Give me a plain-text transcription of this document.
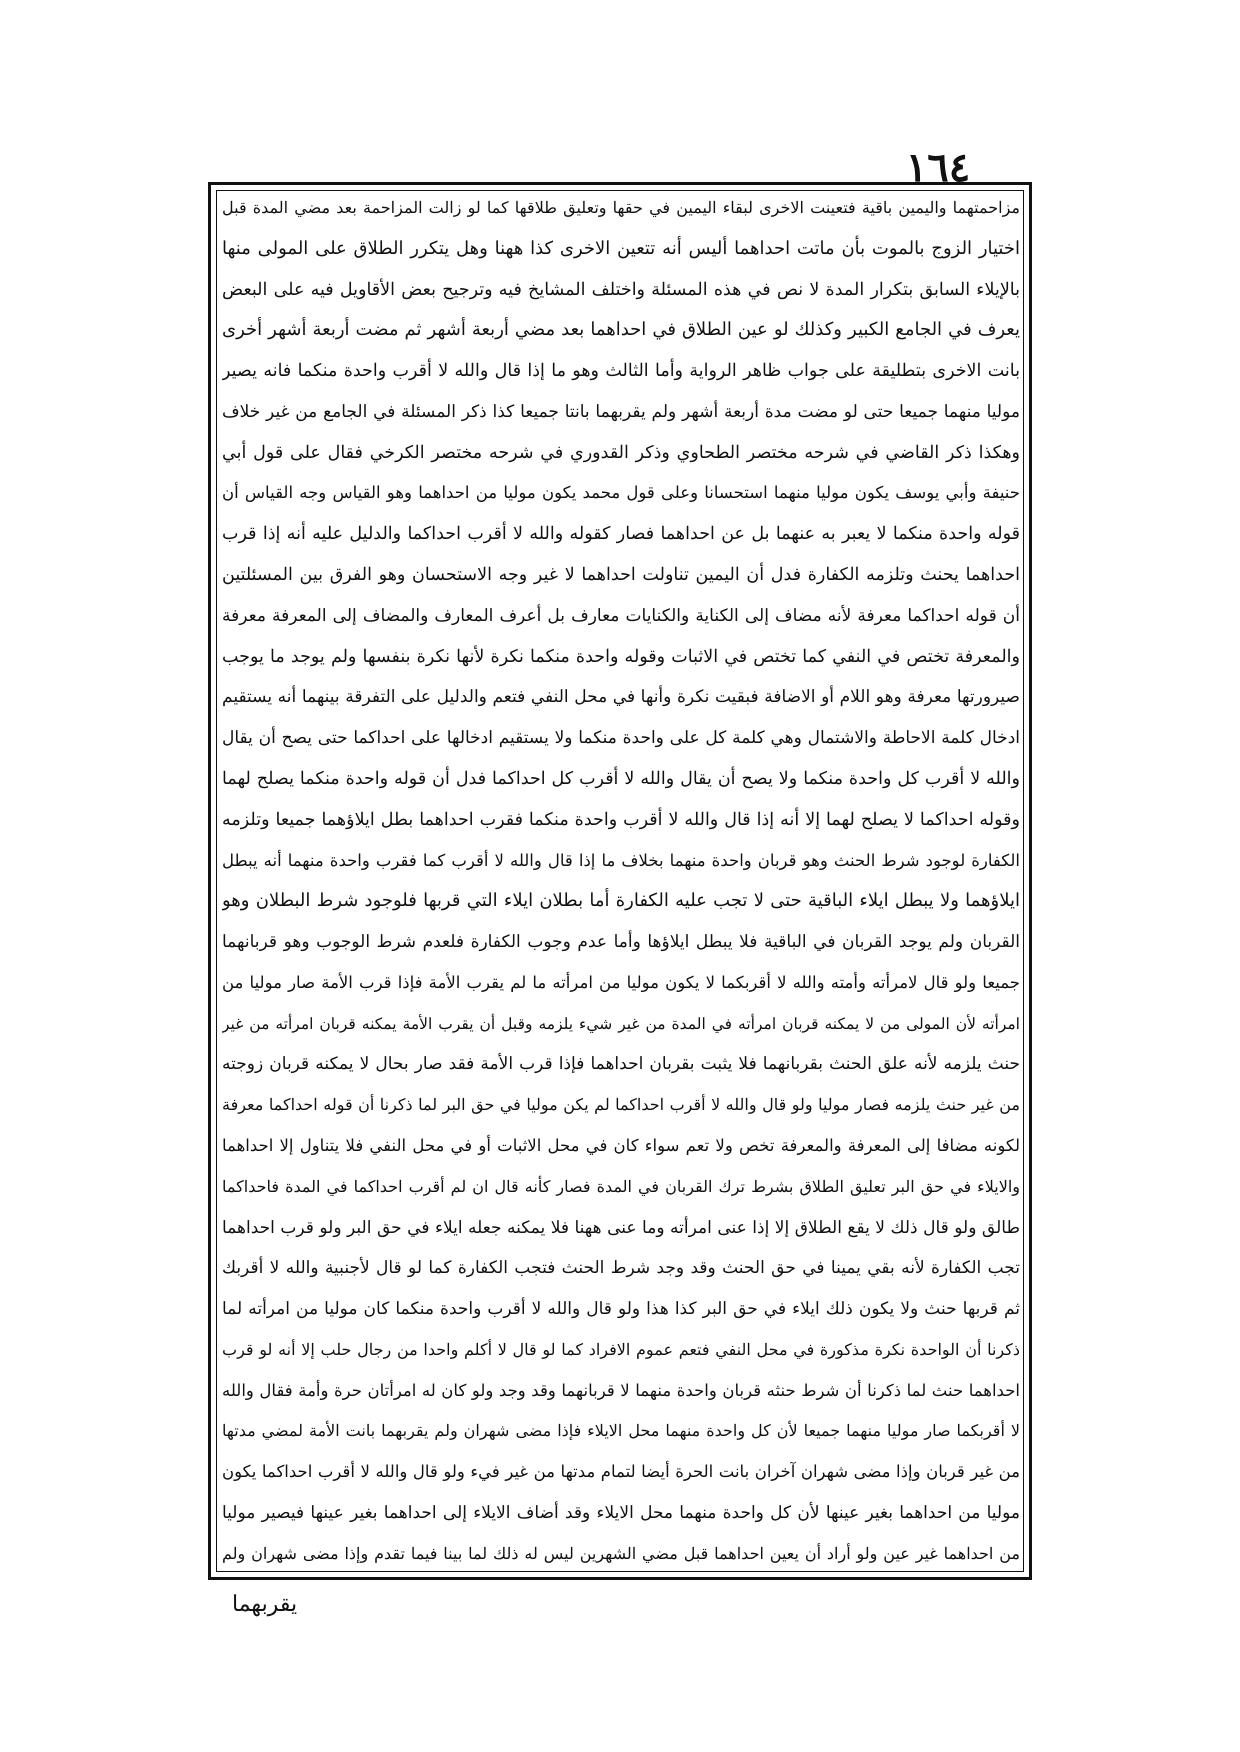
١٦٤
مزاحمتهما واليمين باقية فتعينت الاخرى لبقاء اليمين في حقها وتعليق طلاقها كما لو زالت المزاحمة بعد مضي المدة قبل
اختيار الزوج بالموت بأن ماتت احداهما أليس أنه تتعين الاخرى كذا ههنا وهل يتكرر الطلاق على المولى منها
بالإيلاء السابق بتكرار المدة لا نص في هذه المسئلة واختلف المشايخ فيه وترجيح بعض الأقاويل فيه على البعض
يعرف في الجامع الكبير وكذلك لو عين الطلاق في احداهما بعد مضي أربعة أشهر ثم مضت أربعة أشهر أخرى
بانت الاخرى بتطليقة على جواب ظاهر الرواية وأما الثالث وهو ما إذا قال والله لا أقرب واحدة منكما فانه يصير
موليا منهما جميعا حتى لو مضت مدة أربعة أشهر ولم يقربهما بانتا جميعا كذا ذكر المسئلة في الجامع من غير خلاف
وهكذا ذكر القاضي في شرحه مختصر الطحاوي وذكر القدوري في شرحه مختصر الكرخي فقال على قول أبي
حنيفة وأبي يوسف يكون موليا منهما استحسانا وعلى قول محمد يكون موليا من احداهما وهو القياس وجه القياس أن
قوله واحدة منكما لا يعبر به عنهما بل عن احداهما فصار كقوله والله لا أقرب احداكما والدليل عليه أنه إذا قرب
احداهما يحنث وتلزمه الكفارة فدل أن اليمين تناولت احداهما لا غير وجه الاستحسان وهو الفرق بين المسئلتين
أن قوله احداكما معرفة لأنه مضاف إلى الكناية والكنايات معارف بل أعرف المعارف والمضاف إلى المعرفة معرفة
والمعرفة تختص في النفي كما تختص في الاثبات وقوله واحدة منكما نكرة لأنها نكرة بنفسها ولم يوجد ما يوجب
صيرورتها معرفة وهو اللام أو الاضافة فبقيت نكرة وأنها في محل النفي فتعم والدليل على التفرقة بينهما أنه يستقيم
ادخال كلمة الاحاطة والاشتمال وهي كلمة كل على واحدة منكما ولا يستقيم ادخالها على احداكما حتى يصح أن يقال
والله لا أقرب كل واحدة منكما ولا يصح أن يقال والله لا أقرب كل احداكما فدل أن قوله واحدة منكما يصلح لهما
وقوله احداكما لا يصلح لهما إلا أنه إذا قال والله لا أقرب واحدة منكما فقرب احداهما بطل ايلاؤهما جميعا وتلزمه
الكفارة لوجود شرط الحنث وهو قربان واحدة منهما بخلاف ما إذا قال والله لا أقرب كما فقرب واحدة منهما أنه يبطل
ايلاؤهما ولا يبطل ايلاء الباقية حتى لا تجب عليه الكفارة أما بطلان ايلاء التي قربها فلوجود شرط البطلان وهو
القربان ولم يوجد القربان في الباقية فلا يبطل ايلاؤها وأما عدم وجوب الكفارة فلعدم شرط الوجوب وهو قربانهما
جميعا ولو قال لامرأته وأمته والله لا أقربكما لا يكون موليا من امرأته ما لم يقرب الأمة فإذا قرب الأمة صار موليا من
امرأته لأن المولى من لا يمكنه قربان امرأته في المدة من غير شيء يلزمه وقبل أن يقرب الأمة يمكنه قربان امرأته من غير
حنث يلزمه لأنه علق الحنث بقربانهما فلا يثبت بقربان احداهما فإذا قرب الأمة فقد صار بحال لا يمكنه قربان زوجته
من غير حنث يلزمه فصار موليا ولو قال والله لا أقرب احداكما لم يكن موليا في حق البر لما ذكرنا أن قوله احداكما معرفة
لكونه مضافا إلى المعرفة والمعرفة تخص ولا تعم سواء كان في محل الاثبات أو في محل النفي فلا يتناول إلا احداهما
والايلاء في حق البر تعليق الطلاق بشرط ترك القربان في المدة فصار كأنه قال ان لم أقرب احداكما في المدة فاحداكما
طالق ولو قال ذلك لا يقع الطلاق إلا إذا عنى امرأته وما عنى ههنا فلا يمكنه جعله ايلاء في حق البر ولو قرب احداهما
تجب الكفارة لأنه بقي يمينا في حق الحنث وقد وجد شرط الحنث فتجب الكفارة كما لو قال لأجنبية والله لا أقربك
ثم قربها حنث ولا يكون ذلك ايلاء في حق البر كذا هذا ولو قال والله لا أقرب واحدة منكما كان موليا من امرأته لما
ذكرنا أن الواحدة نكرة مذكورة في محل النفي فتعم عموم الافراد كما لو قال لا أكلم واحدا من رجال حلب إلا أنه لو قرب
احداهما حنث لما ذكرنا أن شرط حنثه قربان واحدة منهما لا قربانهما وقد وجد ولو كان له امرأتان حرة وأمة فقال والله
لا أقربكما صار موليا منهما جميعا لأن كل واحدة منهما محل الايلاء فإذا مضى شهران ولم يقربهما بانت الأمة لمضي مدتها
من غير قربان وإذا مضى شهران آخران بانت الحرة أيضا لتمام مدتها من غير فيء ولو قال والله لا أقرب احداكما يكون
موليا من احداهما بغير عينها لأن كل واحدة منهما محل الايلاء وقد أضاف الايلاء إلى احداهما بغير عينها فيصير موليا
من احداهما غير عين ولو أراد أن يعين احداهما قبل مضي الشهرين ليس له ذلك لما بينا فيما تقدم وإذا مضى شهران ولم
يقربهما
